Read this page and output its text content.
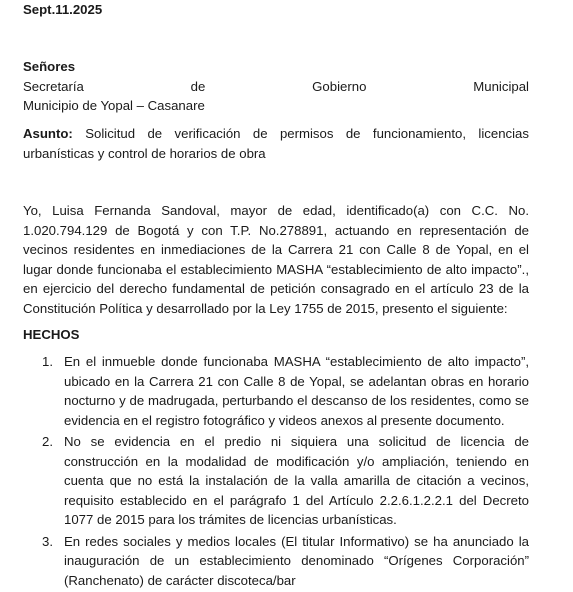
Sept.11.2025
Señores
Secretaría	de	Gobierno	Municipal
Municipio de Yopal – Casanare
Asunto: Solicitud de verificación de permisos de funcionamiento, licencias urbanísticas y control de horarios de obra
Yo, Luisa Fernanda Sandoval, mayor de edad, identificado(a) con C.C. No. 1.020.794.129 de Bogotá y con T.P. No.278891, actuando en representación de vecinos residentes en inmediaciones de la Carrera 21 con Calle 8 de Yopal, en el lugar donde funcionaba el establecimiento MASHA “establecimiento de alto impacto”., en ejercicio del derecho fundamental de petición consagrado en el artículo 23 de la Constitución Política y desarrollado por la Ley 1755 de 2015, presento el siguiente:
HECHOS
1. En el inmueble donde funcionaba MASHA “establecimiento de alto impacto”, ubicado en la Carrera 21 con Calle 8 de Yopal, se adelantan obras en horario nocturno y de madrugada, perturbando el descanso de los residentes, como se evidencia en el registro fotográfico y videos anexos al presente documento.
2. No se evidencia en el predio ni siquiera una solicitud de licencia de construcción en la modalidad de modificación y/o ampliación, teniendo en cuenta que no está la instalación de la valla amarilla de citación a vecinos, requisito establecido en el parágrafo 1 del Artículo 2.2.6.1.2.2.1 del Decreto 1077 de 2015 para los trámites de licencias urbanísticas.
3. En redes sociales y medios locales (El titular Informativo) se ha anunciado la inauguración de un establecimiento denominado “Orígenes Corporación” (Ranchenato) de carácter discoteca/bar
